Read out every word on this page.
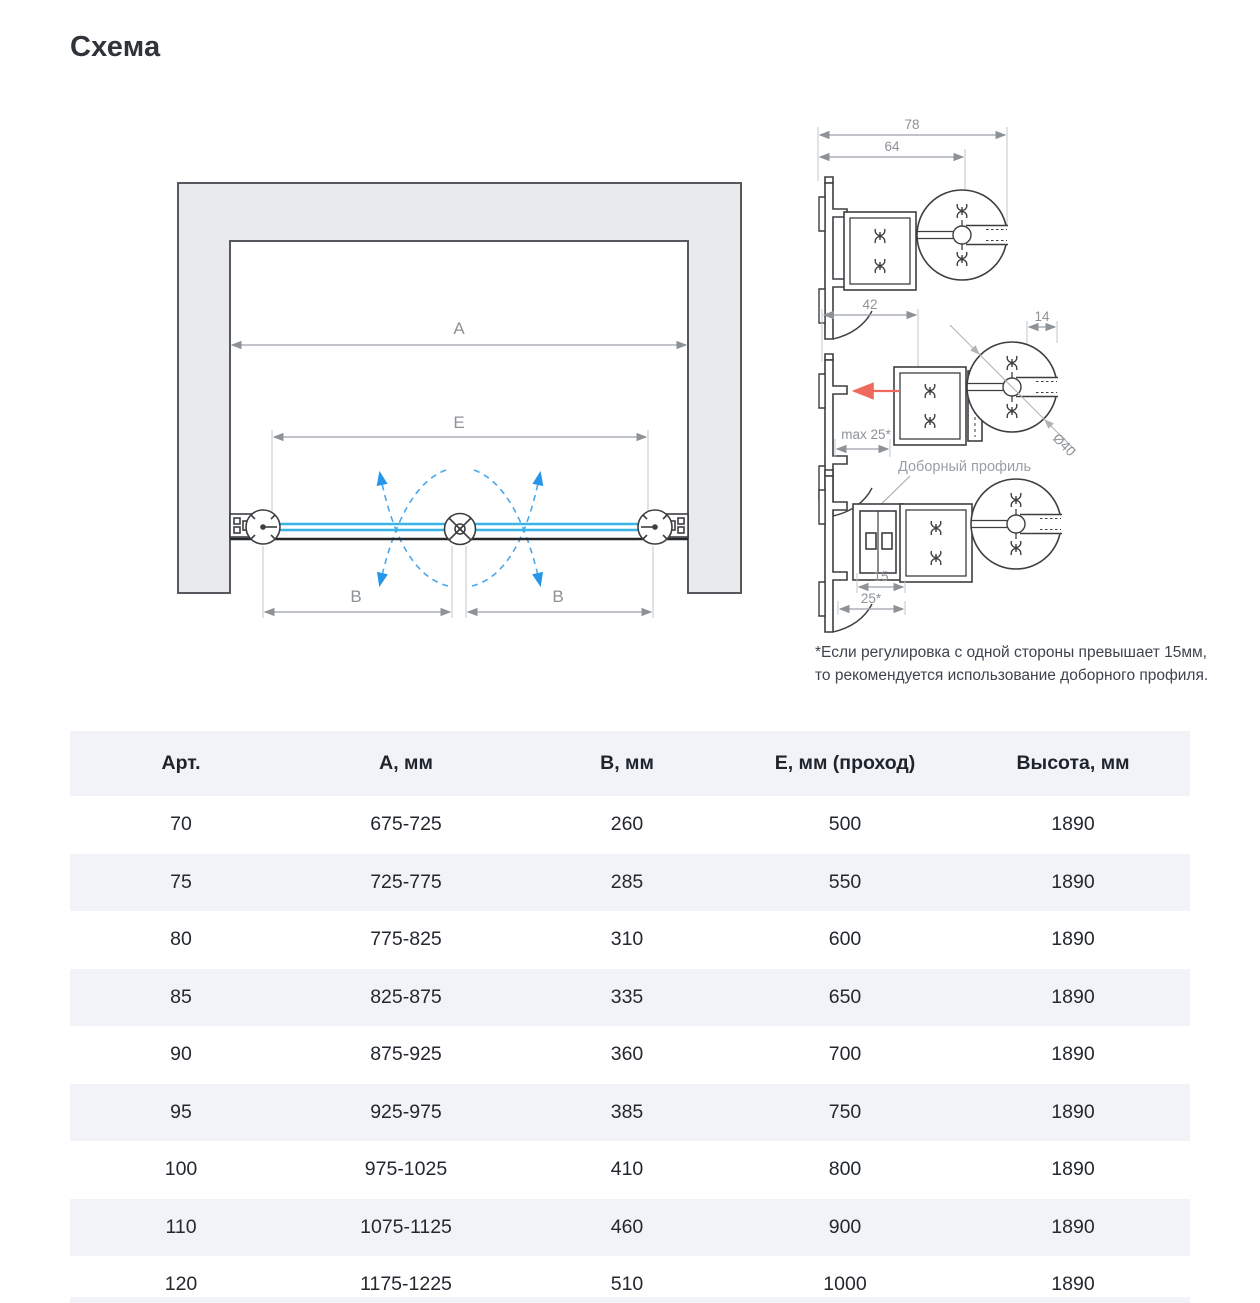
Схема
A
E
B	B
78
64
42
14
Ø40
max 25*
Доборный профиль
15
25*
*Если регулировка с одной стороны превышает 15мм,
то рекомендуется использование доборного профиля.
Арт.	А, мм	В, мм	Е, мм (проход)	Высота, мм
70	675-725	260	500	1890
75	725-775	285	550	1890
80	775-825	310	600	1890
85	825-875	335	650	1890
90	875-925	360	700	1890
95	925-975	385	750	1890
100	975-1025	410	800	1890
110	1075-1125	460	900	1890
120	1175-1225	510	1000	1890
